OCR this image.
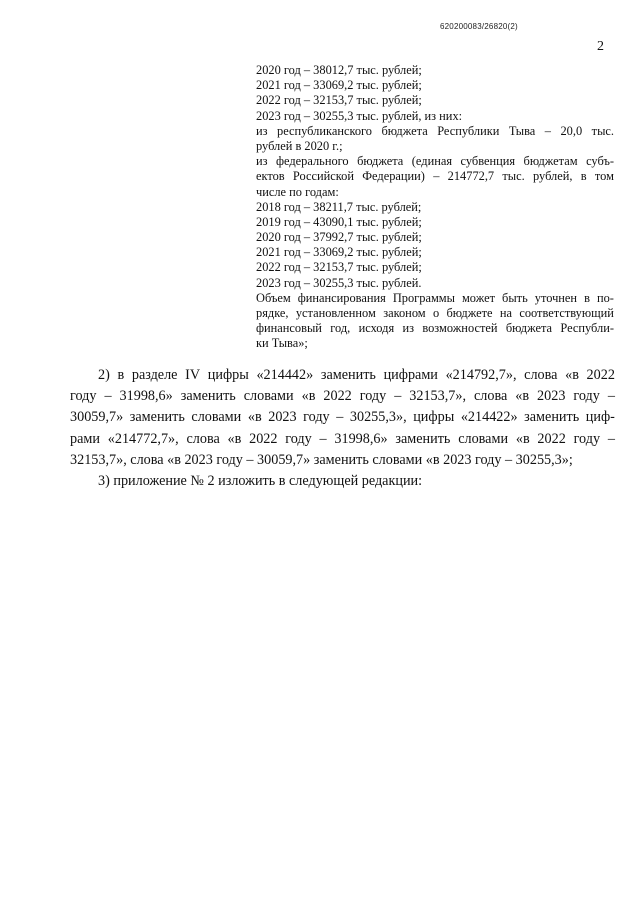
620200083/26820(2)
2
2020 год – 38012,7 тыс. рублей;
2021 год – 33069,2 тыс. рублей;
2022 год – 32153,7 тыс. рублей;
2023 год – 30255,3 тыс. рублей, из них:
из республиканского бюджета Республики Тыва – 20,0 тыс.
рублей в 2020 г.;
из федерального бюджета (единая субвенция бюджетам субъ-
ектов Российской Федерации) – 214772,7 тыс. рублей, в том
числе по годам:
2018 год – 38211,7 тыс. рублей;
2019 год – 43090,1 тыс. рублей;
2020 год – 37992,7 тыс. рублей;
2021 год – 33069,2 тыс. рублей;
2022 год – 32153,7 тыс. рублей;
2023 год – 30255,3 тыс. рублей.
Объем финансирования Программы может быть уточнен в по-
рядке, установленном законом о бюджете на соответствующий
финансовый год, исходя из возможностей бюджета Республи-
ки Тыва»;
2) в разделе IV цифры «214442» заменить цифрами «214792,7», слова «в 2022
году – 31998,6» заменить словами «в 2022 году – 32153,7», слова «в 2023 году –
30059,7» заменить словами «в 2023 году – 30255,3», цифры «214422» заменить циф-
рами «214772,7», слова «в 2022 году – 31998,6» заменить словами «в 2022 году –
32153,7», слова «в 2023 году – 30059,7» заменить словами «в 2023 году – 30255,3»;
3) приложение № 2 изложить в следующей редакции:
